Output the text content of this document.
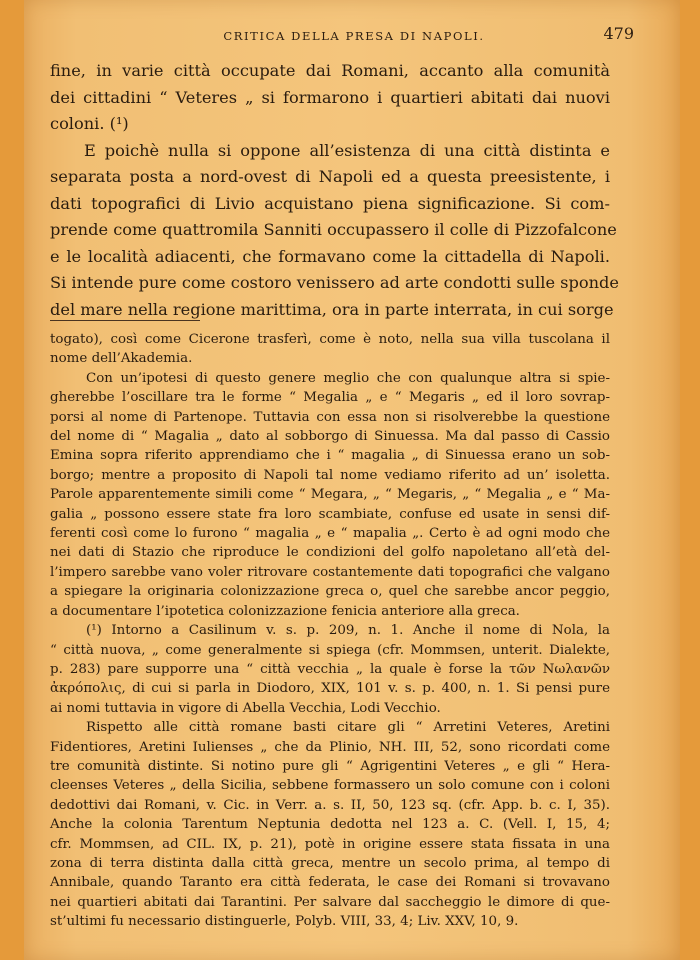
CRITICA DELLA PRESA DI NAPOLI.	479
fine, in varie città occupate dai Romani, accanto alla comunità
dei cittadini “ Veteres „ si formarono i quartieri abitati dai nuovi
coloni. (¹)
E poichè nulla si oppone all’esistenza di una città distinta e
separata posta a nord-ovest di Napoli ed a questa preesistente, i
dati topografici di Livio acquistano piena significazione. Si com-
prende come quattromila Sanniti occupassero il colle di Pizzofalcone
e le località adiacenti, che formavano come la cittadella di Napoli.
Si intende pure come costoro venissero ad arte condotti sulle sponde
del mare nella regione marittima, ora in parte interrata, in cui sorge
togato), così come Cicerone trasferì, come è noto, nella sua villa tuscolana il
nome dell’Akademia.
Con un’ipotesi di questo genere meglio che con qualunque altra si spie-
gherebbe l’oscillare tra le forme “ Megalia „ e “ Megaris „ ed il loro sovrap-
porsi al nome di Partenope. Tuttavia con essa non si risolverebbe la questione
del nome di “ Magalia „ dato al sobborgo di Sinuessa. Ma dal passo di Cassio
Emina sopra riferito apprendiamo che i “ magalia „ di Sinuessa erano un sob-
borgo; mentre a proposito di Napoli tal nome vediamo riferito ad un’ isoletta.
Parole apparentemente simili come “ Megara, „ “ Megaris, „ “ Megalia „ e “ Ma-
galia „ possono essere state fra loro scambiate, confuse ed usate in sensi dif-
ferenti così come lo furono “ magalia „ e “ mapalia „. Certo è ad ogni modo che
nei dati di Stazio che riproduce le condizioni del golfo napoletano all’età del-
l’impero sarebbe vano voler ritrovare costantemente dati topografici che valgano
a spiegare la originaria colonizzazione greca o, quel che sarebbe ancor peggio,
a documentare l’ipotetica colonizzazione fenicia anteriore alla greca.
(¹) Intorno a Casilinum v. s. p. 209, n. 1. Anche il nome di Nola, la
“ città nuova, „ come generalmente si spiega (cfr. Mommsen, unterit. Dialekte,
p. 283) pare supporre una “ città vecchia „ la quale è forse la τῶν Νωλανῶν
ἀκρόπολις, di cui si parla in Diodoro, XIX, 101 v. s. p. 400, n. 1. Si pensi pure
ai nomi tuttavia in vigore di Abella Vecchia, Lodi Vecchio.
Rispetto alle città romane basti citare gli “ Arretini Veteres, Aretini
Fidentiores, Aretini Iulienses „ che da Plinio, NH. III, 52, sono ricordati come
tre comunità distinte. Si notino pure gli “ Agrigentini Veteres „ e gli “ Hera-
cleenses Veteres „ della Sicilia, sebbene formassero un solo comune con i coloni
dedottivi dai Romani, v. Cic. in Verr. a. s. II, 50, 123 sq. (cfr. App. b. c. I, 35).
Anche la colonia Tarentum Neptunia dedotta nel 123 a. C. (Vell. I, 15, 4;
cfr. Mommsen, ad CIL. IX, p. 21), potè in origine essere stata fissata in una
zona di terra distinta dalla città greca, mentre un secolo prima, al tempo di
Annibale, quando Taranto era città federata, le case dei Romani si trovavano
nei quartieri abitati dai Tarantini. Per salvare dal saccheggio le dimore di que-
st’ultimi fu necessario distinguerle, Polyb. VIII, 33, 4; Liv. XXV, 10, 9.
